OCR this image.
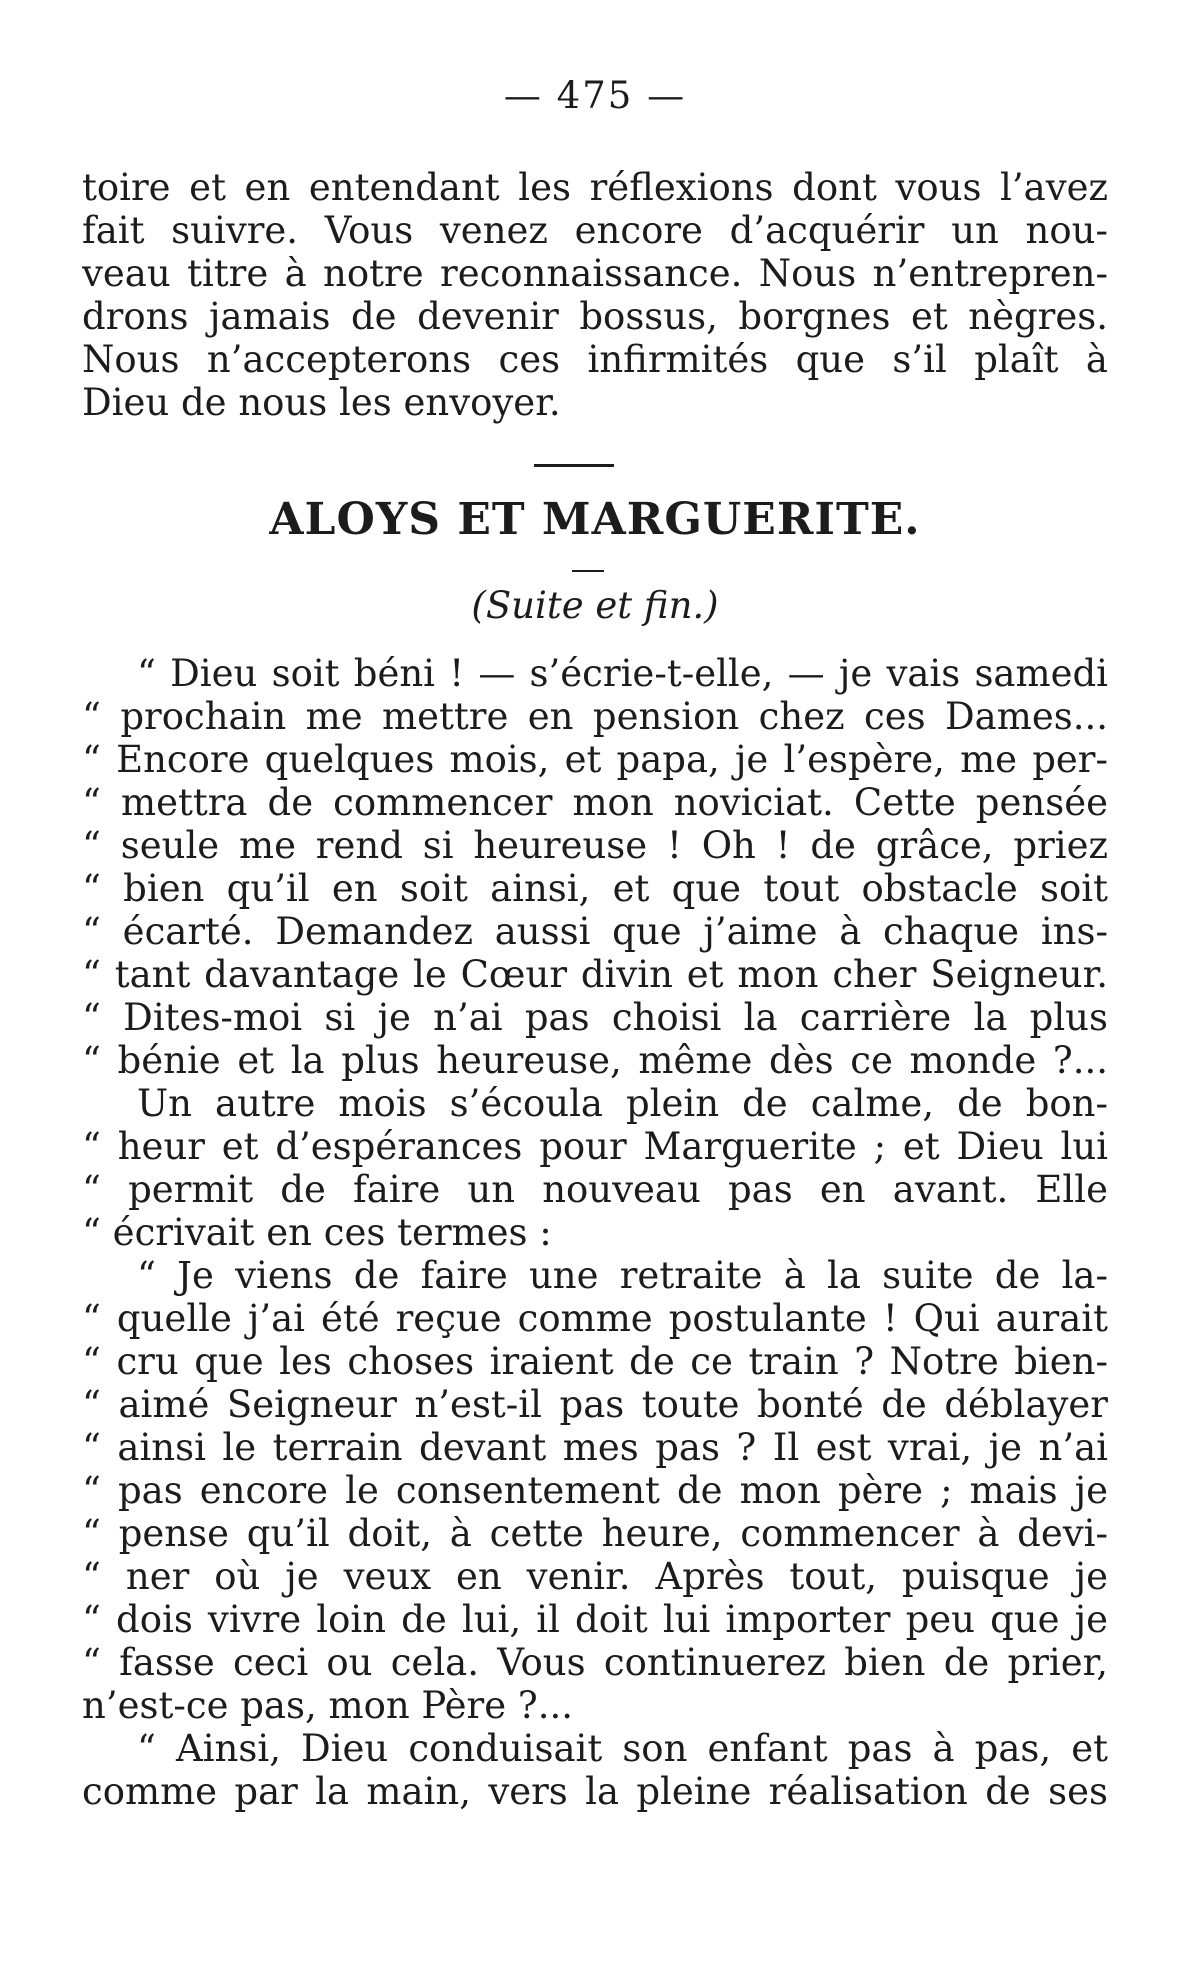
— 475 —
toire et en entendant les réflexions dont vous l’avez
fait suivre. Vous venez encore d’acquérir un nou-
veau titre à notre reconnaissance. Nous n’entrepren-
drons jamais de devenir bossus, borgnes et nègres.
Nous n’accepterons ces infirmités que s’il plaît à
Dieu de nous les envoyer.
ALOYS ET MARGUERITE.
(Suite et fin.)
“ Dieu soit béni ! — s’écrie-t-elle, — je vais samedi
“ prochain me mettre en pension chez ces Dames...
“ Encore quelques mois, et papa, je l’espère, me per-
“ mettra de commencer mon noviciat. Cette pensée
“ seule me rend si heureuse ! Oh ! de grâce, priez
“ bien qu’il en soit ainsi, et que tout obstacle soit
“ écarté. Demandez aussi que j’aime à chaque ins-
“ tant davantage le Cœur divin et mon cher Seigneur.
“ Dites-moi si je n’ai pas choisi la carrière la plus
“ bénie et la plus heureuse, même dès ce monde ?...
Un autre mois s’écoula plein de calme, de bon-
“ heur et d’espérances pour Marguerite ; et Dieu lui
“ permit de faire un nouveau pas en avant. Elle
“ écrivait en ces termes :
“ Je viens de faire une retraite à la suite de la-
“ quelle j’ai été reçue comme postulante ! Qui aurait
“ cru que les choses iraient de ce train ? Notre bien-
“ aimé Seigneur n’est-il pas toute bonté de déblayer
“ ainsi le terrain devant mes pas ? Il est vrai, je n’ai
“ pas encore le consentement de mon père ; mais je
“ pense qu’il doit, à cette heure, commencer à devi-
“ ner où je veux en venir. Après tout, puisque je
“ dois vivre loin de lui, il doit lui importer peu que je
“ fasse ceci ou cela. Vous continuerez bien de prier,
n’est-ce pas, mon Père ?...
“ Ainsi, Dieu conduisait son enfant pas à pas, et
comme par la main, vers la pleine réalisation de ses
